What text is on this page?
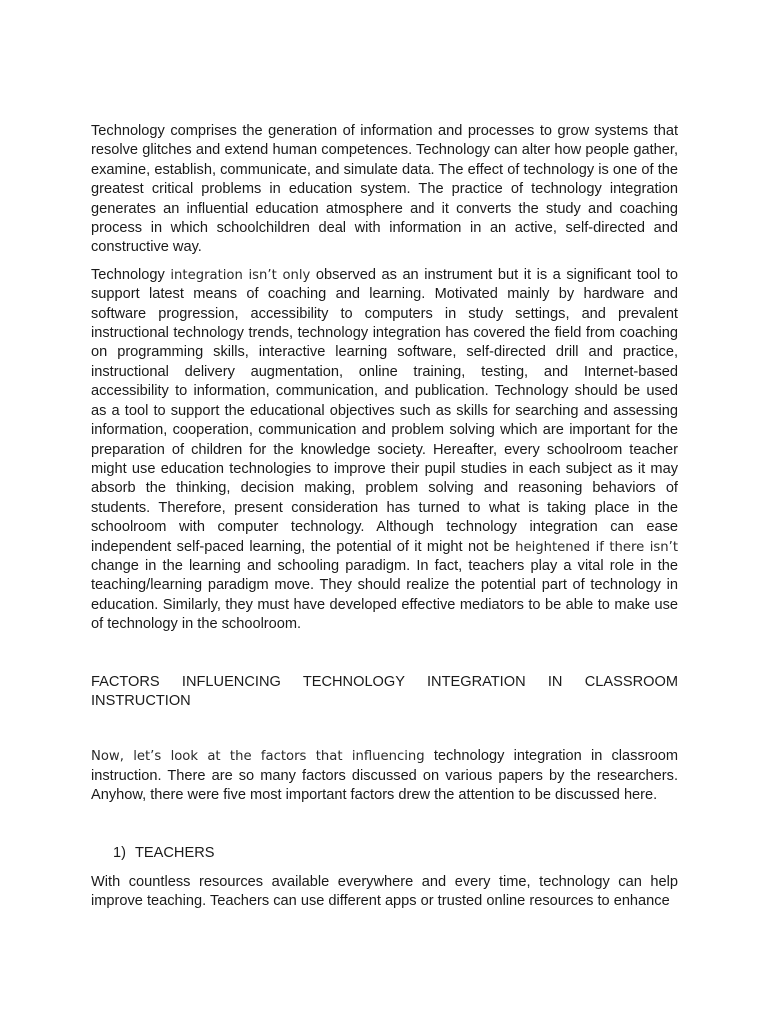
Technology comprises the generation of information and processes to grow systems that resolve glitches and extend human competences. Technology can alter how people gather, examine, establish, communicate, and simulate data. The effect of technology is one of the greatest critical problems in education system. The practice of technology integration generates an influential education atmosphere and it converts the study and coaching process in which schoolchildren deal with information in an active, self-directed and constructive way.

Technology integration isn’t only observed as an instrument but it is a significant tool to support latest means of coaching and learning. Motivated mainly by hardware and software progression, accessibility to computers in study settings, and prevalent instructional technology trends, technology integration has covered the field from coaching on programming skills, interactive learning software, self-directed drill and practice, instructional delivery augmentation, online training, testing, and Internet-based accessibility to information, communication, and publication. Technology should be used as a tool to support the educational objectives such as skills for searching and assessing information, cooperation, communication and problem solving which are important for the preparation of children for the knowledge society. Hereafter, every schoolroom teacher might use education technologies to improve their pupil studies in each subject as it may absorb the thinking, decision making, problem solving and reasoning behaviors of students. Therefore, present consideration has turned to what is taking place in the schoolroom with computer technology. Although technology integration can ease independent self-paced learning, the potential of it might not be heightened if there isn’t change in the learning and schooling paradigm. In fact, teachers play a vital role in the teaching/learning paradigm move. They should realize the potential part of technology in education. Similarly, they must have developed effective mediators to be able to make use of technology in the schoolroom.

FACTORS INFLUENCING TECHNOLOGY INTEGRATION IN CLASSROOM INSTRUCTION

Now, let’s look at the factors that influencing technology integration in classroom instruction. There are so many factors discussed on various papers by the researchers. Anyhow, there were five most important factors drew the attention to be discussed here.

1) TEACHERS

With countless resources available everywhere and every time, technology can help improve teaching. Teachers can use different apps or trusted online resources to enhance
